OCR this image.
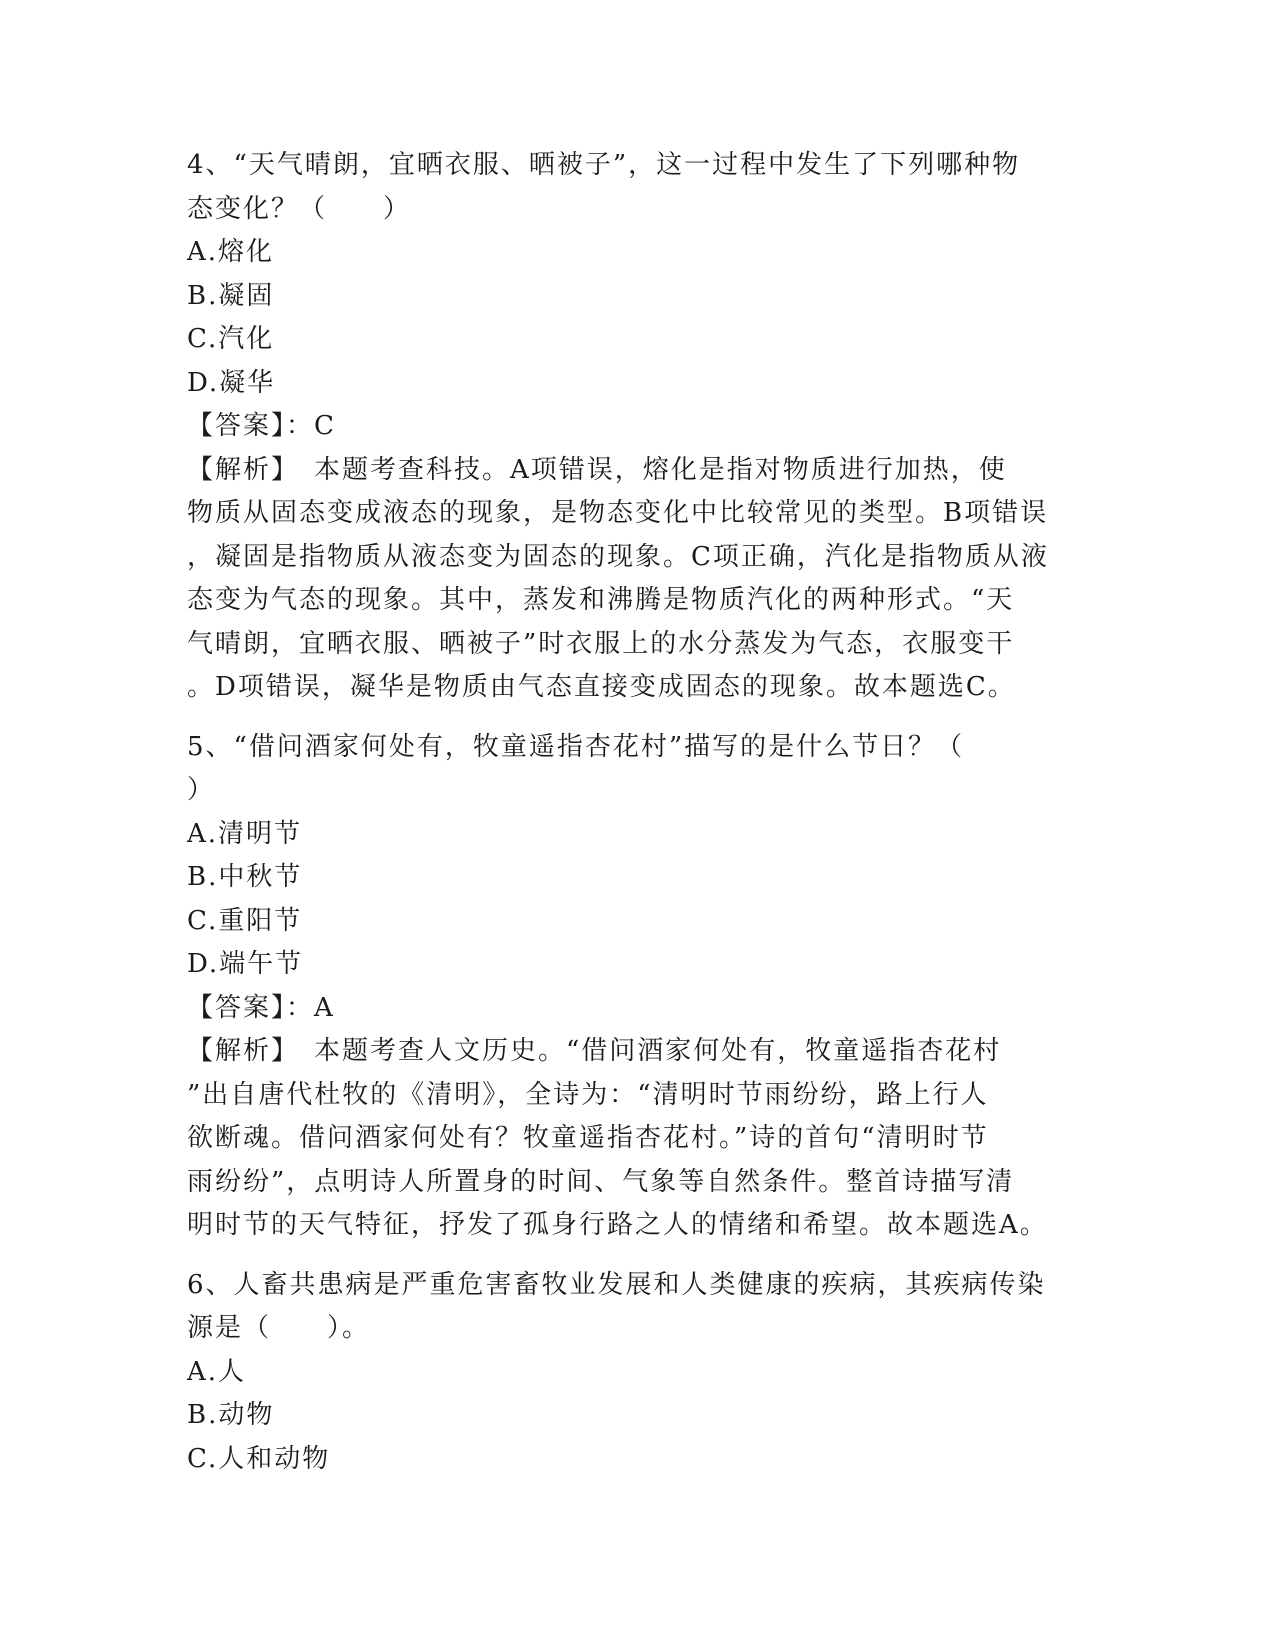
4、“天气晴朗，宜晒衣服、晒被子”，这一过程中发生了下列哪种物

态变化？（　　）

A.熔化

B.凝固

C.汽化

D.凝华

【答案】：C

【解析】　本题考查科技。A项错误，熔化是指对物质进行加热，使

物质从固态变成液态的现象，是物态变化中比较常见的类型。B项错误

，凝固是指物质从液态变为固态的现象。C项正确，汽化是指物质从液

态变为气态的现象。其中，蒸发和沸腾是物质汽化的两种形式。“天

气晴朗，宜晒衣服、晒被子”时衣服上的水分蒸发为气态，衣服变干

。D项错误，凝华是物质由气态直接变成固态的现象。故本题选C。

5、“借问酒家何处有，牧童遥指杏花村”描写的是什么节日？（

）

A.清明节

B.中秋节

C.重阳节

D.端午节

【答案】：A

【解析】　本题考查人文历史。“借问酒家何处有，牧童遥指杏花村

”出自唐代杜牧的《清明》，全诗为：“清明时节雨纷纷，路上行人

欲断魂。借问酒家何处有？牧童遥指杏花村。”诗的首句“清明时节

雨纷纷”，点明诗人所置身的时间、气象等自然条件。整首诗描写清

明时节的天气特征，抒发了孤身行路之人的情绪和希望。故本题选A。

6、人畜共患病是严重危害畜牧业发展和人类健康的疾病，其疾病传染

源是（　　）。

A.人

B.动物

C.人和动物
